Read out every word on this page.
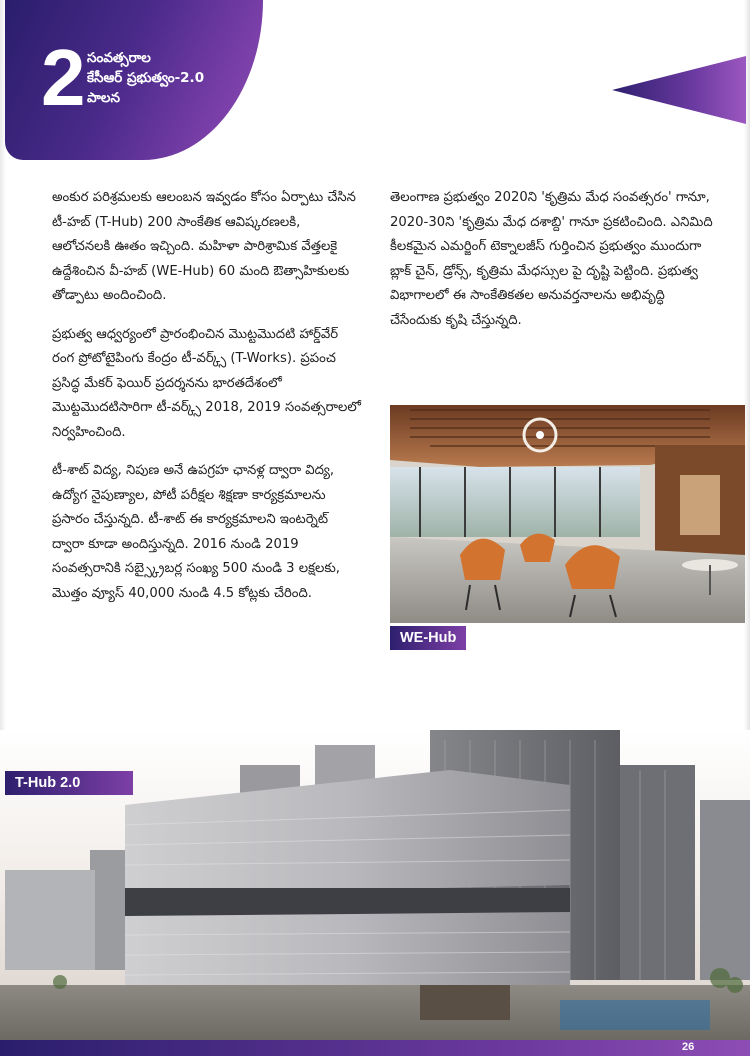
2 సంవత్సరాల
కేసీఆర్ ప్రభుత్వం-2.0
పాలన

అంకుర పరిశ్రమలకు ఆలంబన ఇవ్వడం కోసం ఏర్పాటు చేసిన టీ-హబ్ (T-Hub) 200 సాంకేతిక ఆవిష్కరణలకి, ఆలోచనలకి ఊతం ఇచ్చింది. మహిళా పారిశ్రామిక వేత్తలకై ఉద్దేశించిన వీ-హబ్ (WE-Hub) 60 మంది ఔత్సాహికులకు తోడ్పాటు అందించింది.

ప్రభుత్వ ఆధ్వర్యంలో ప్రారంభించిన మొట్టమొదటి హార్డ్‌వేర్ రంగ ప్రోటోటైపింగు కేంద్రం టీ-వర్క్స్ (T-Works). ప్రపంచ ప్రసిద్ధ మేకర్ ఫెయిర్ ప్రదర్శనను భారతదేశంలో మొట్టమొదటిసారిగా టీ-వర్క్స్ 2018, 2019 సంవత్సరాలలో నిర్వహించింది.

టీ-శాట్ విద్య, నిపుణ అనే ఉపగ్రహ ఛానళ్ల ద్వారా విద్య, ఉద్యోగ నైపుణ్యాల, పోటీ పరీక్షల శిక్షణా కార్యక్రమాలను ప్రసారం చేస్తున్నది. టీ-శాట్ ఈ కార్యక్రమాలని ఇంటర్నెట్ ద్వారా కూడా అందిస్తున్నది. 2016 నుండి 2019 సంవత్సరానికి సబ్స్క్రైబర్ల సంఖ్య 500 నుండి 3 లక్షలకు, మొత్తం వ్యూస్ 40,000 నుండి 4.5 కోట్లకు చేరింది.

తెలంగాణ ప్రభుత్వం 2020ని 'కృత్రిమ మేధ సంవత్సరం' గానూ, 2020-30ని 'కృత్రిమ మేధ దశాబ్ది' గానూ ప్రకటించింది. ఎనిమిది కీలకమైన ఎమర్జింగ్ టెక్నాలజీస్ గుర్తించిన ప్రభుత్వం ముందుగా బ్లాక్ చైన్, డ్రోన్స్, కృత్రిమ మేధస్సుల పై దృష్టి పెట్టింది. ప్రభుత్వ విభాగాలలో ఈ సాంకేతికతల అనువర్తనాలను అభివృద్ధి చేసేందుకు కృషి చేస్తున్నది.

WE-Hub
T-Hub 2.0
26
